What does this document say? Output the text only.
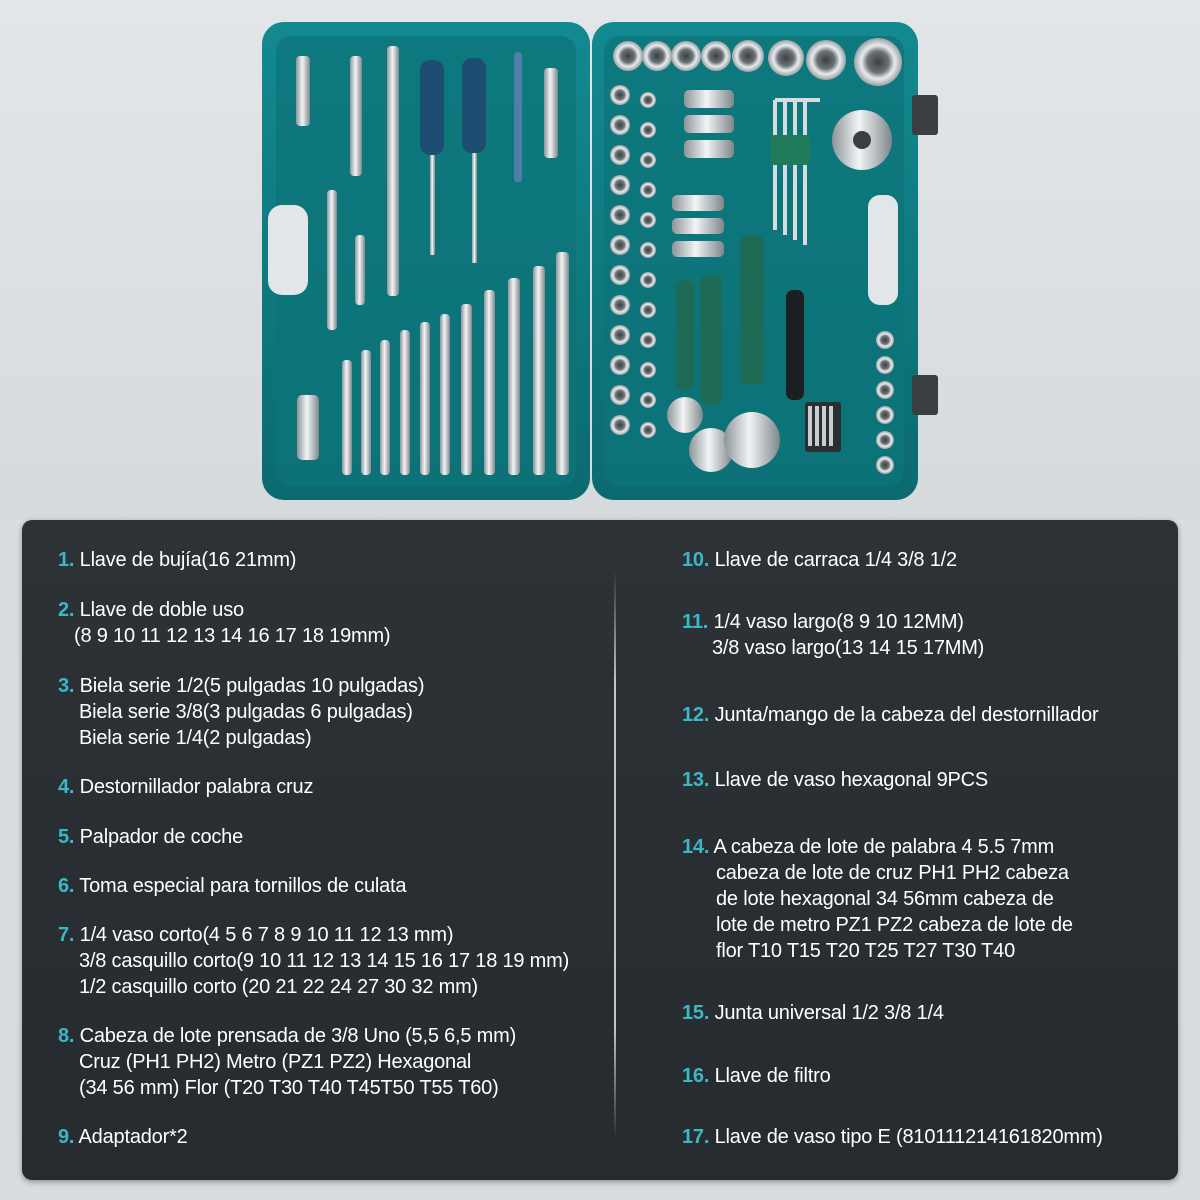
1. Llave de bujía(16 21mm)
2. Llave de doble uso
(8 9 10 11 12 13 14 16 17 18 19mm)
3. Biela serie 1/2(5 pulgadas 10 pulgadas)
Biela serie 3/8(3 pulgadas 6 pulgadas)
Biela serie 1/4(2 pulgadas)
4. Destornillador palabra cruz
5. Palpador de coche
6. Toma especial para tornillos de culata
7. 1/4 vaso corto(4 5 6 7 8 9 10 11 12 13 mm)
3/8 casquillo corto(9 10 11 12 13 14 15 16 17 18 19 mm)
1/2 casquillo corto (20 21 22 24 27 30 32 mm)
8. Cabeza de lote prensada de 3/8 Uno (5,5 6,5 mm)
Cruz (PH1 PH2) Metro (PZ1 PZ2) Hexagonal
(34 56 mm) Flor (T20 T30 T40 T45T50 T55 T60)
9. Adaptador*2
10. Llave de carraca 1/4 3/8 1/2
11. 1/4 vaso largo(8 9 10 12MM)
3/8 vaso largo(13 14 15 17MM)
12. Junta/mango de la cabeza del destornillador
13. Llave de vaso hexagonal 9PCS
14. A cabeza de lote de palabra 4 5.5 7mm
cabeza de lote de cruz PH1 PH2 cabeza
de lote hexagonal 34 56mm cabeza de
lote de metro PZ1 PZ2 cabeza de lote de
flor T10 T15 T20 T25 T27 T30 T40
15. Junta universal 1/2 3/8 1/4
16. Llave de filtro
17. Llave de vaso tipo E (810111214161820mm)
